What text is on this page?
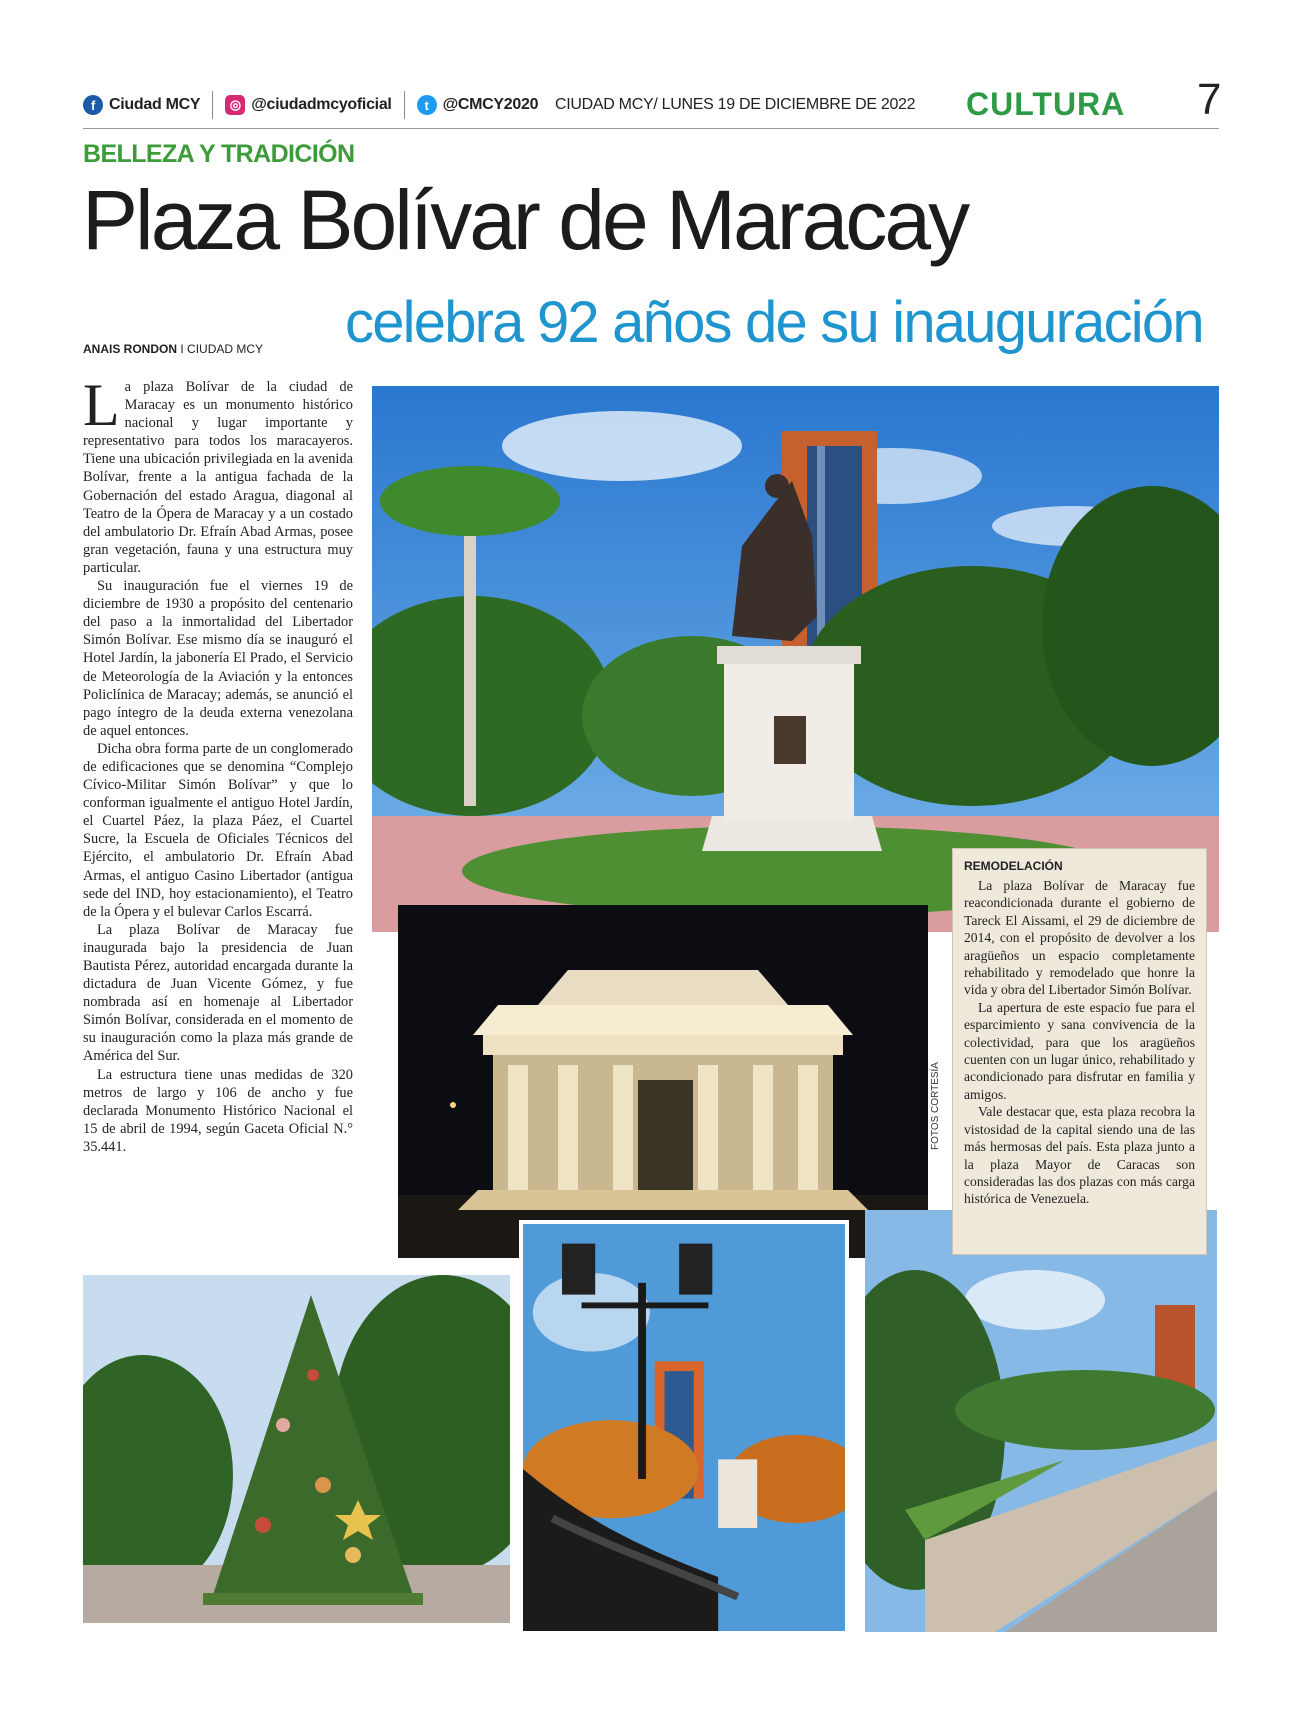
f Ciudad MCY	◎ @ciudadmcyoficial	t @CMCY2020 CIUDAD MCY/ LUNES 19 DE DICIEMBRE DE 2022 CULTURA 7
BELLEZA Y TRADICIÓN
Plaza Bolívar de Maracay
celebra 92 años de su inauguración
ANAIS RONDON I CIUDAD MCY

La plaza Bolívar de la ciudad de Maracay es un monumento histórico nacional y lugar importante y representativo para todos los maracayeros. Tiene una ubicación privilegiada en la avenida Bolívar, frente a la antigua fachada de la Gobernación del estado Aragua, diagonal al Teatro de la Ópera de Maracay y a un costado del ambulatorio Dr. Efraín Abad Armas, posee gran vegetación, fauna y una estructura muy particular.

Su inauguración fue el viernes 19 de diciembre de 1930 a propósito del centenario del paso a la inmortalidad del Libertador Simón Bolívar. Ese mismo día se inauguró el Hotel Jardín, la jabonería El Prado, el Servicio de Meteorología de la Aviación y la entonces Policlínica de Maracay; además, se anunció el pago íntegro de la deuda externa venezolana de aquel entonces.

Dicha obra forma parte de un conglomerado de edificaciones que se denomina “Complejo Cívico-Militar Simón Bolívar” y que lo conforman igualmente el antiguo Hotel Jardín, el Cuartel Páez, la plaza Páez, el Cuartel Sucre, la Escuela de Oficiales Técnicos del Ejército, el ambulatorio Dr. Efraín Abad Armas, el antiguo Casino Libertador (antigua sede del IND, hoy estacionamiento), el Teatro de la Ópera y el bulevar Carlos Escarrá.

La plaza Bolívar de Maracay fue inaugurada bajo la presidencia de Juan Bautista Pérez, autoridad encargada durante la dictadura de Juan Vicente Gómez, y fue nombrada así en homenaje al Libertador Simón Bolívar, considerada en el momento de su inauguración como la plaza más grande de América del Sur.

La estructura tiene unas medidas de 320 metros de largo y 106 de ancho y fue declarada Monumento Histórico Nacional el 15 de abril de 1994, según Gaceta Oficial N.° 35.441.	FOTOS CORTESÍA
REMODELACIÓN

La plaza Bolívar de Maracay fue reacondicionada durante el gobierno de Tareck El Aissami, el 29 de diciembre de 2014, con el propósito de devolver a los aragüeños un espacio completamente rehabilitado y remodelado que honre la vida y obra del Libertador Simón Bolívar.

La apertura de este espacio fue para el esparcimiento y sana convivencia de la colectividad, para que los aragüeños cuenten con un lugar único, rehabilitado y acondicionado para disfrutar en familia y amigos.

Vale destacar que, esta plaza recobra la vistosidad de la capital siendo una de las más hermosas del país. Esta plaza junto a la plaza Mayor de Caracas son consideradas las dos plazas con más carga histórica de Venezuela.
